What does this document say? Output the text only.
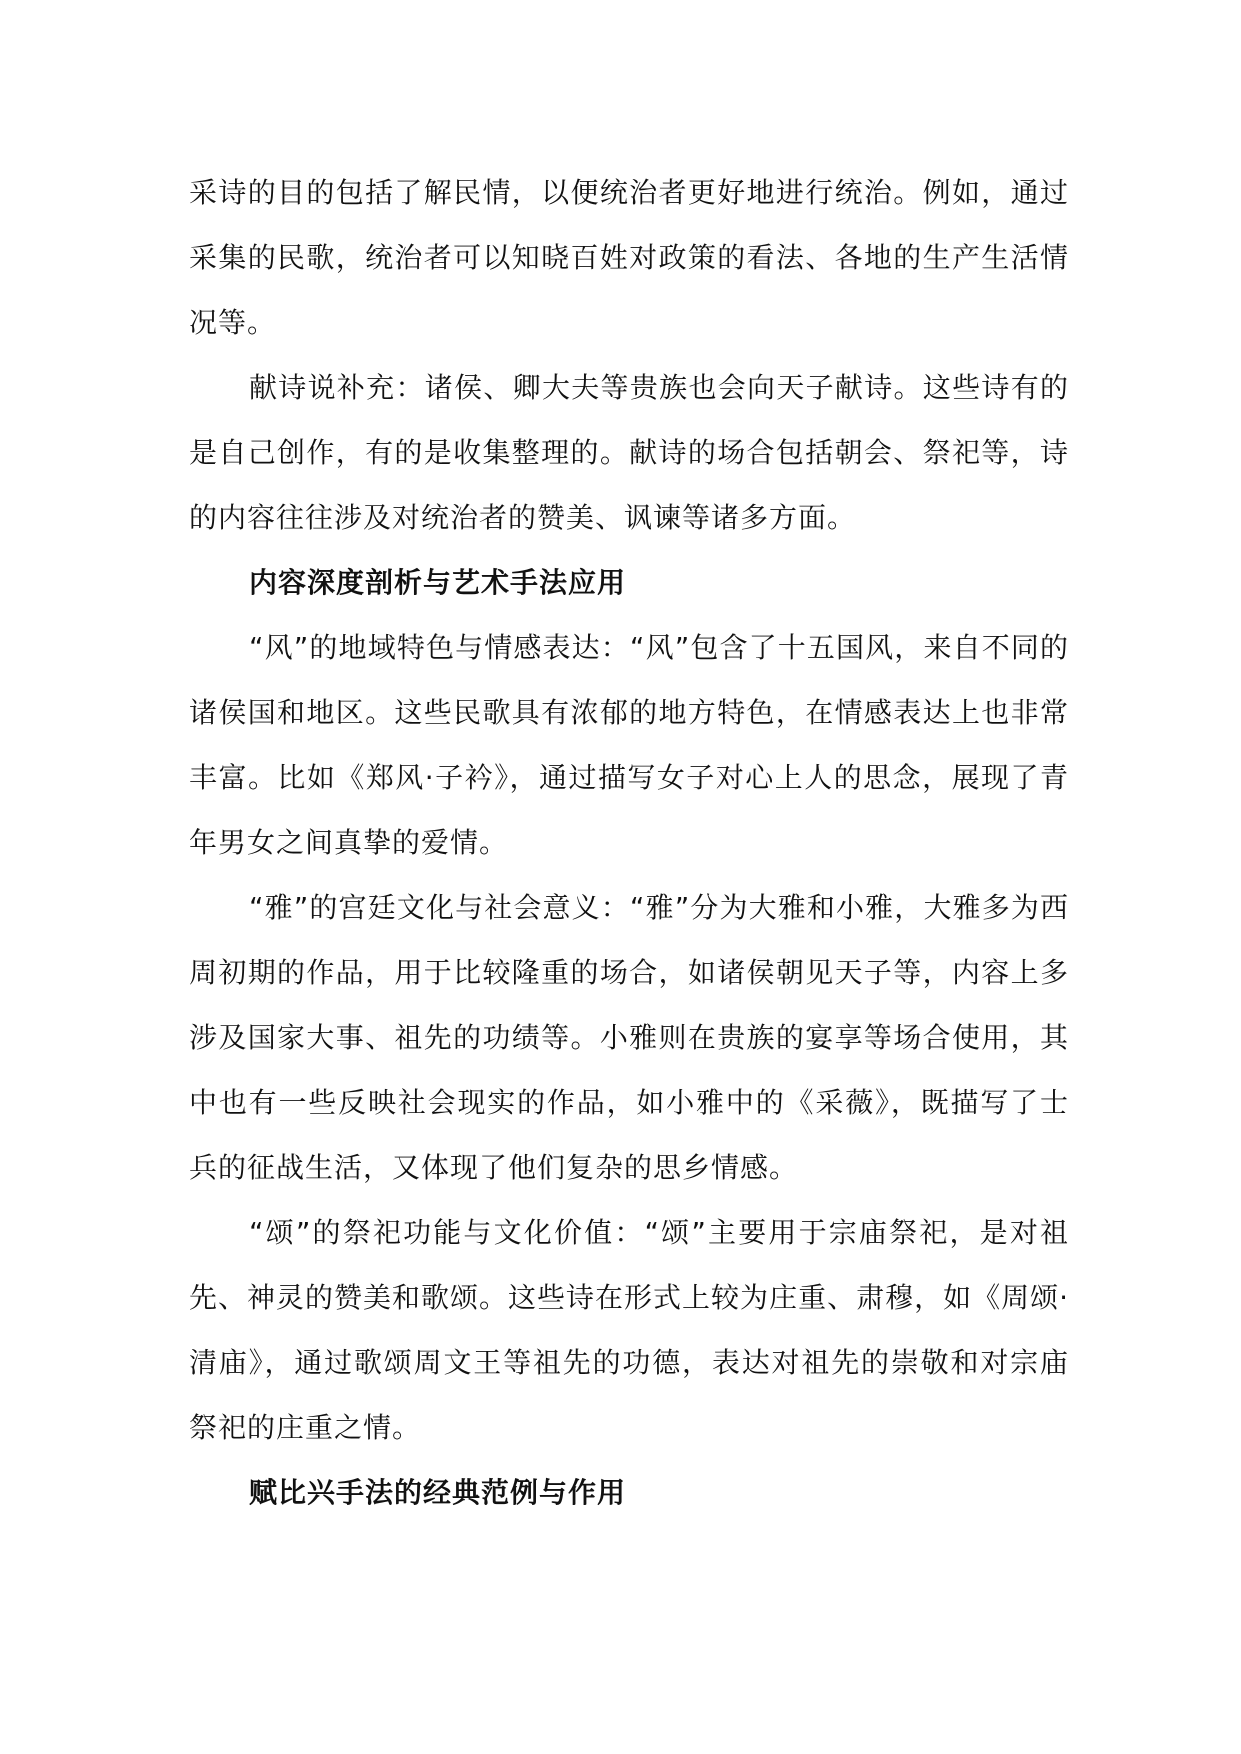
采诗的目的包括了解民情，以便统治者更好地进行统治。例如，通过采集的民歌，统治者可以知晓百姓对政策的看法、各地的生产生活情况等。

献诗说补充：诸侯、卿大夫等贵族也会向天子献诗。这些诗有的是自己创作，有的是收集整理的。献诗的场合包括朝会、祭祀等，诗的内容往往涉及对统治者的赞美、讽谏等诸多方面。

内容深度剖析与艺术手法应用

“风”的地域特色与情感表达：“风”包含了十五国风，来自不同的诸侯国和地区。这些民歌具有浓郁的地方特色，在情感表达上也非常丰富。比如《郑风·子衿》，通过描写女子对心上人的思念，展现了青年男女之间真挚的爱情。

“雅”的宫廷文化与社会意义：“雅”分为大雅和小雅，大雅多为西周初期的作品，用于比较隆重的场合，如诸侯朝见天子等，内容上多涉及国家大事、祖先的功绩等。小雅则在贵族的宴享等场合使用，其中也有一些反映社会现实的作品，如小雅中的《采薇》，既描写了士兵的征战生活，又体现了他们复杂的思乡情感。

“颂”的祭祀功能与文化价值：“颂”主要用于宗庙祭祀，是对祖先、神灵的赞美和歌颂。这些诗在形式上较为庄重、肃穆，如《周颂·清庙》，通过歌颂周文王等祖先的功德，表达对祖先的崇敬和对宗庙祭祀的庄重之情。

赋比兴手法的经典范例与作用
